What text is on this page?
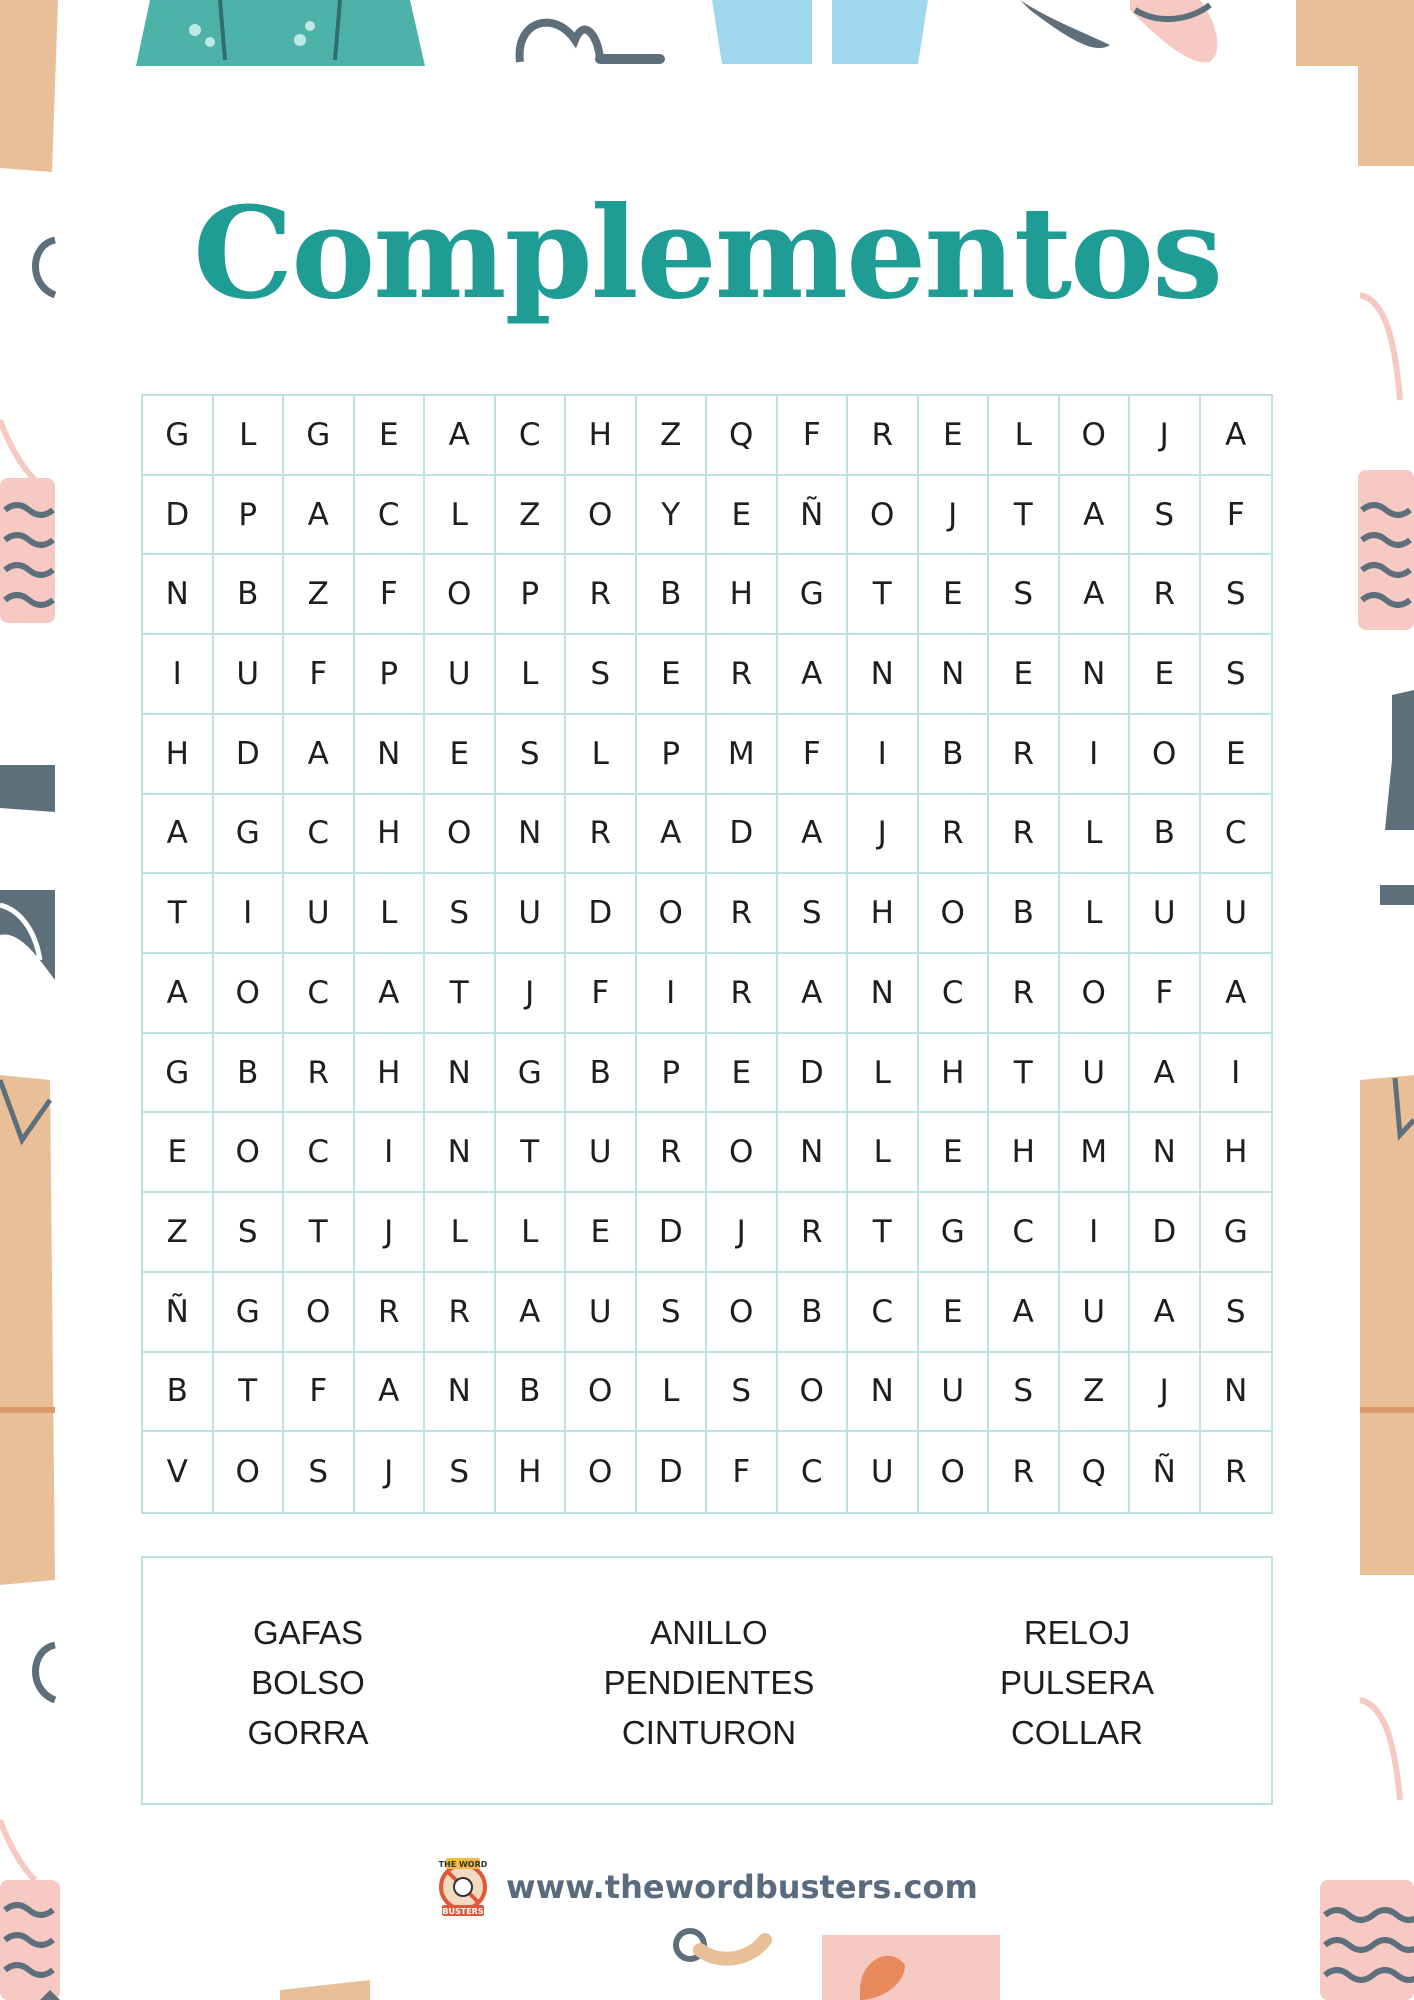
Complementos
G	L	G	E	A	C	H	Z	Q	F	R	E	L	O	J	A
D	P	A	C	L	Z	O	Y	E	Ñ	O	J	T	A	S	F
N	B	Z	F	O	P	R	B	H	G	T	E	S	A	R	S
I	U	F	P	U	L	S	E	R	A	N	N	E	N	E	S
H	D	A	N	E	S	L	P	M	F	I	B	R	I	O	E
A	G	C	H	O	N	R	A	D	A	J	R	R	L	B	C
T	I	U	L	S	U	D	O	R	S	H	O	B	L	U	U
A	O	C	A	T	J	F	I	R	A	N	C	R	O	F	A
G	B	R	H	N	G	B	P	E	D	L	H	T	U	A	I
E	O	C	I	N	T	U	R	O	N	L	E	H	M	N	H
Z	S	T	J	L	L	E	D	J	R	T	G	C	I	D	G
Ñ	G	O	R	R	A	U	S	O	B	C	E	A	U	A	S
B	T	F	A	N	B	O	L	S	O	N	U	S	Z	J	N
V	O	S	J	S	H	O	D	F	C	U	O	R	Q	Ñ	R
GAFAS
BOLSO
GORRA
ANILLO
PENDIENTES
CINTURON
RELOJ
PULSERA
COLLAR
THE WORD
BUSTERS
www.thewordbusters.com
